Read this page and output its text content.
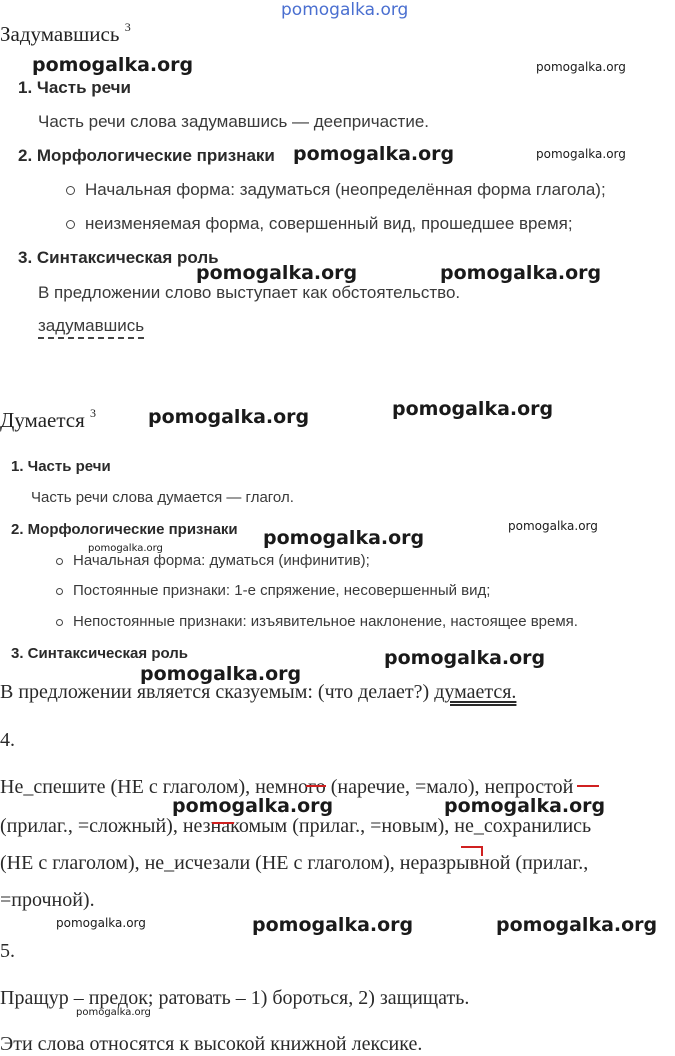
pomogalka.org
Задумавшись $^3$
pomogalka.org	pomogalka.org
1. Часть речи
Часть речи слова задумавшись — деепричастие.
2. Морфологические признаки pomogalka.org	pomogalka.org
Начальная форма: задуматься (неопределённая форма глагола);
неизменяемая форма, совершенный вид, прошедшее время;
3. Синтаксическая роль
pomogalka.org	pomogalka.org
В предложении слово выступает как обстоятельство.
задумавшись
Думается $^3$	pomogalka.org	pomogalka.org
1. Часть речи
Часть речи слова думается — глагол.
2. Морфологические признаки pomogalka.org
pomogalka.org
pomogalka.org
Начальная форма: думаться (инфинитив);
Постоянные признаки: 1-е спряжение, несовершенный вид;
Непостоянные признаки: изъявительное наклонение, настоящее время.
3. Синтаксическая роль
pomogalka.org
pomogalka.org
В предложении является сказуемым: (что делает?) думается.
4.
Не_спешите (НЕ с глаголом), немного (наречие, =мало), непростой
pomogalka.org	pomogalka.org
(прилаг., =сложный), незнакомым (прилаг., =новым), не_сохранились
(НЕ с глаголом), не_исчезали (НЕ с глаголом), неразрывной (прилаг.,
=прочной).
pomogalka.org	pomogalka.org	pomogalka.org
5.
Пращур – предок; ратовать – 1) бороться, 2) защищать.
pomogalka.org
Эти слова относятся к высокой книжной лексике.
